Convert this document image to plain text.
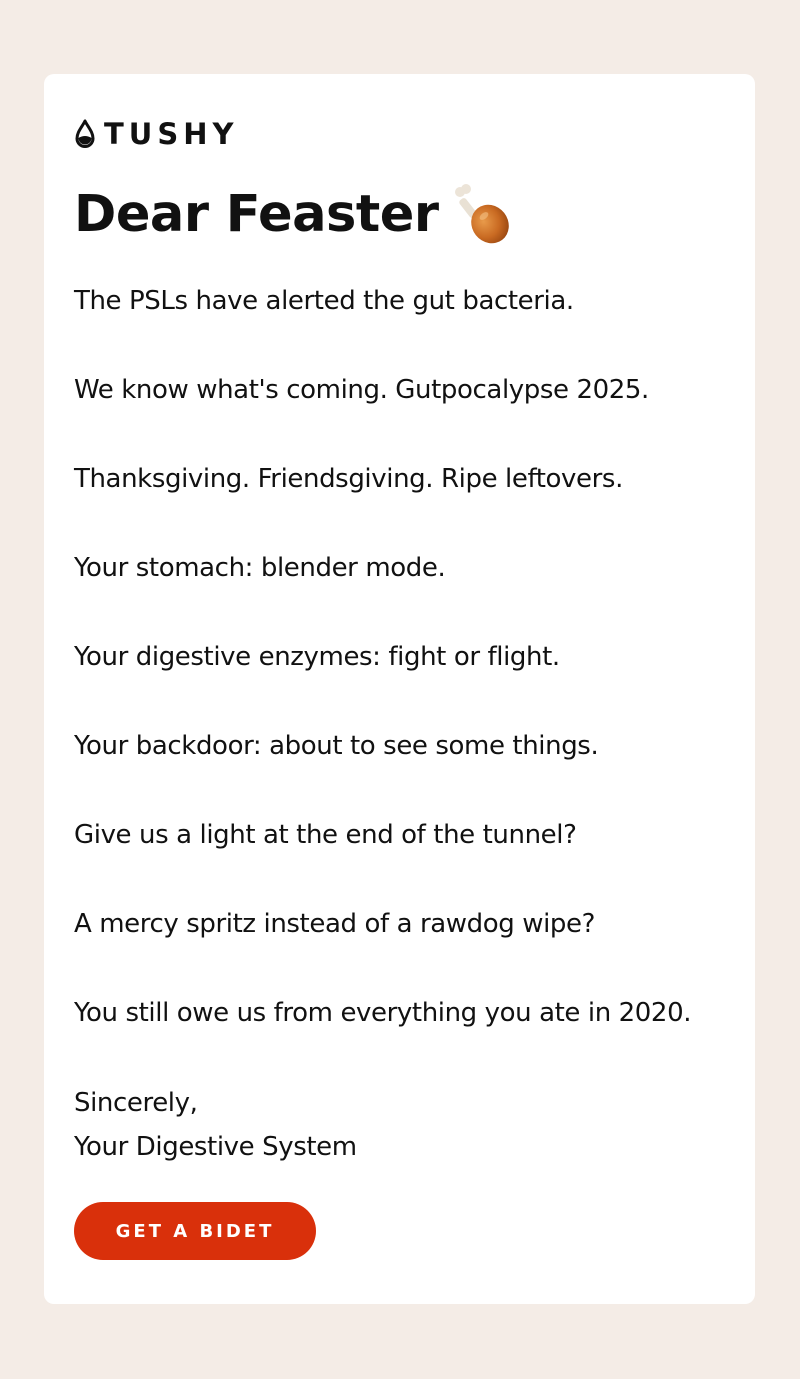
TUSHY
Dear Feaster

The PSLs have alerted the gut bacteria.

We know what's coming. Gutpocalypse 2025.

Thanksgiving. Friendsgiving. Ripe leftovers.

Your stomach: blender mode.

Your digestive enzymes: fight or flight.

Your backdoor: about to see some things.

Give us a light at the end of the tunnel?

A mercy spritz instead of a rawdog wipe?

You still owe us from everything you ate in 2020.

Sincerely,

Your Digestive System

GET A BIDET
